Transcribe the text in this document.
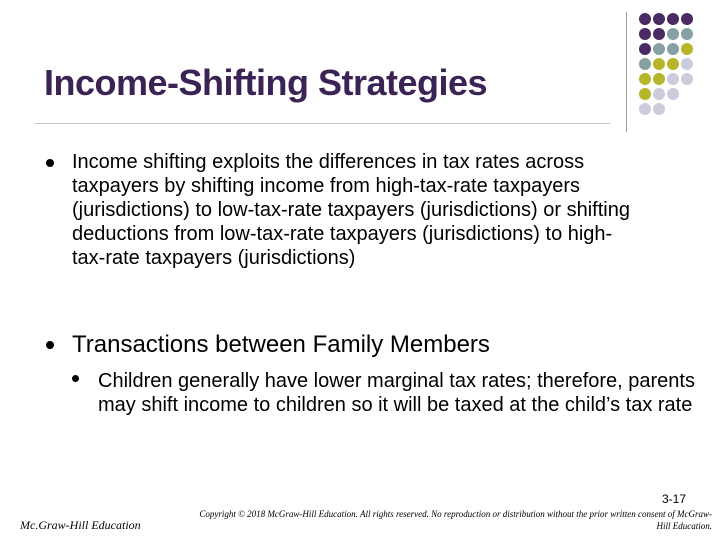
Income-Shifting Strategies
Income shifting exploits the differences in tax rates across taxpayers by shifting income from high-tax-rate taxpayers (jurisdictions) to low-tax-rate taxpayers (jurisdictions) or shifting deductions from low-tax-rate taxpayers (jurisdictions) to high-tax-rate taxpayers (jurisdictions)
Transactions between Family Members
Children generally have lower marginal tax rates; therefore, parents may shift income to children so it will be taxed at the child’s tax rate
3-17
Mc.Graw-Hill Education
Copyright © 2018 McGraw-Hill Education. All rights reserved. No reproduction or distribution without the prior written consent of McGraw-Hill Education.
